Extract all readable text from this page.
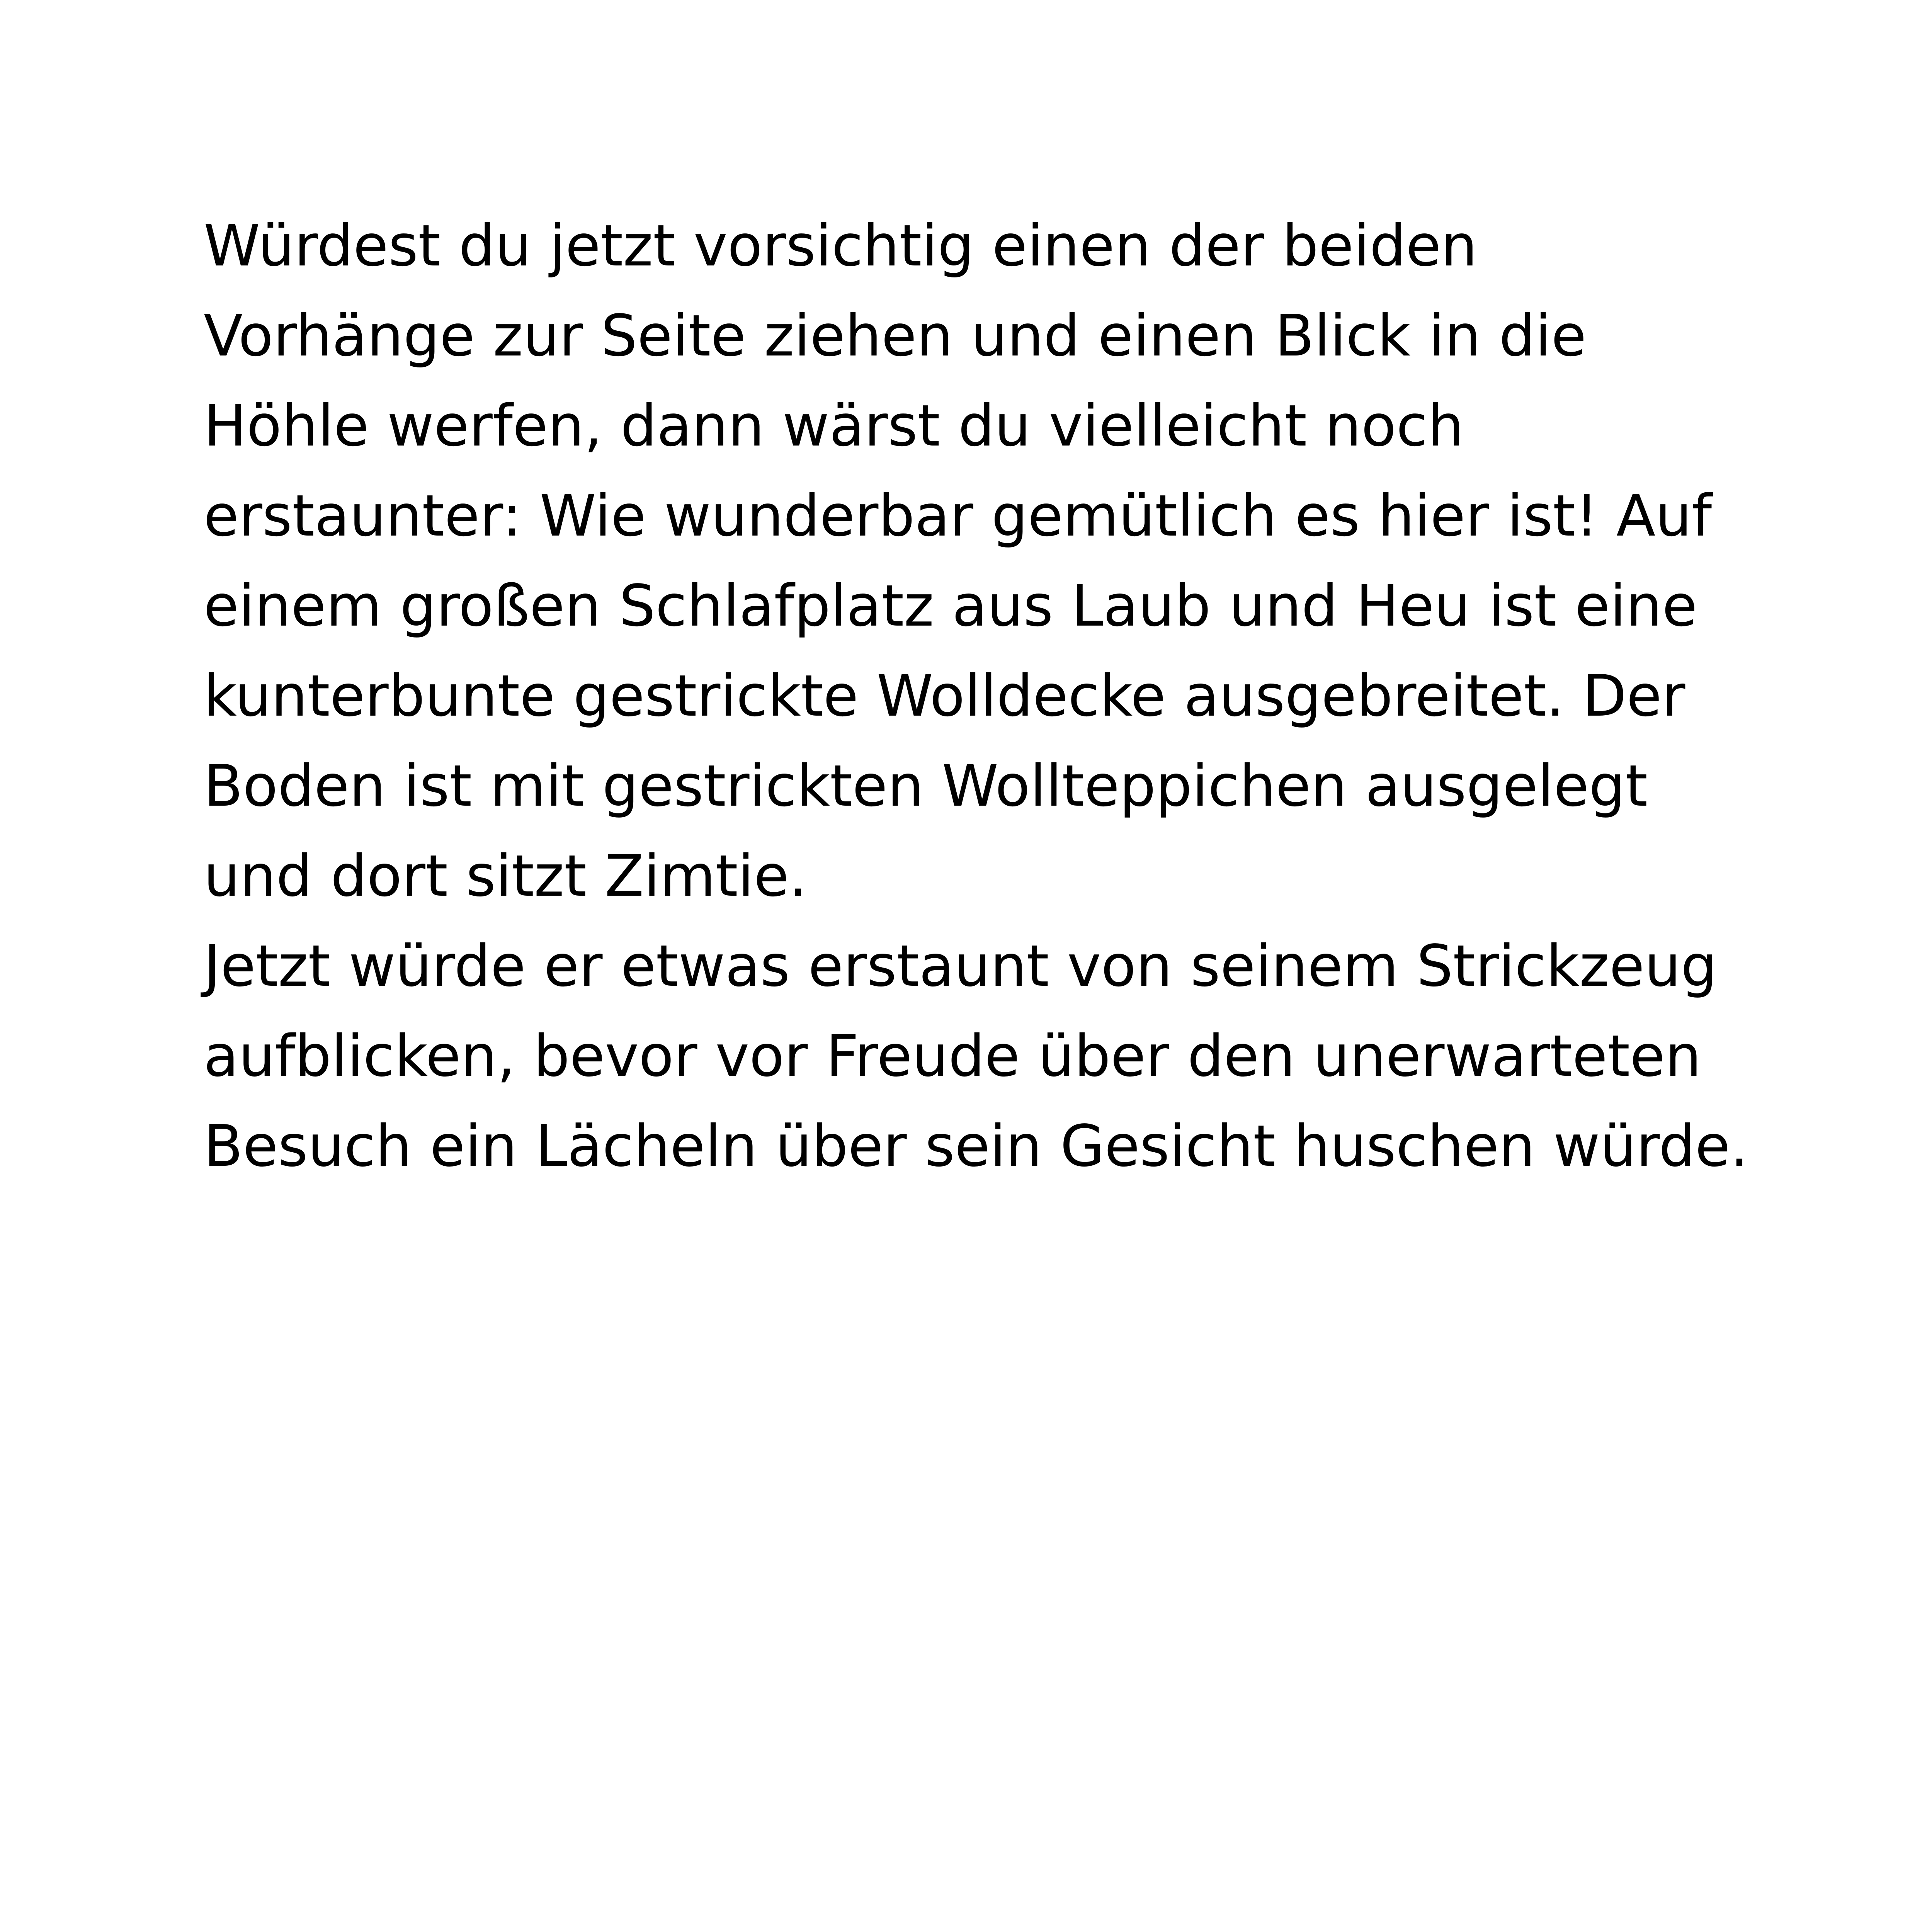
Würdest du jetzt vorsichtig einen der beiden
Vorhänge zur Seite ziehen und einen Blick in die
Höhle werfen, dann wärst du vielleicht noch
erstaunter: Wie wunderbar gemütlich es hier ist! Auf
einem großen Schlafplatz aus Laub und Heu ist eine
kunterbunte gestrickte Wolldecke ausgebreitet. Der
Boden ist mit gestrickten Wollteppichen ausgelegt
und dort sitzt Zimtie.
Jetzt würde er etwas erstaunt von seinem Strickzeug
aufblicken, bevor vor Freude über den unerwarteten
Besuch ein Lächeln über sein Gesicht huschen würde.
